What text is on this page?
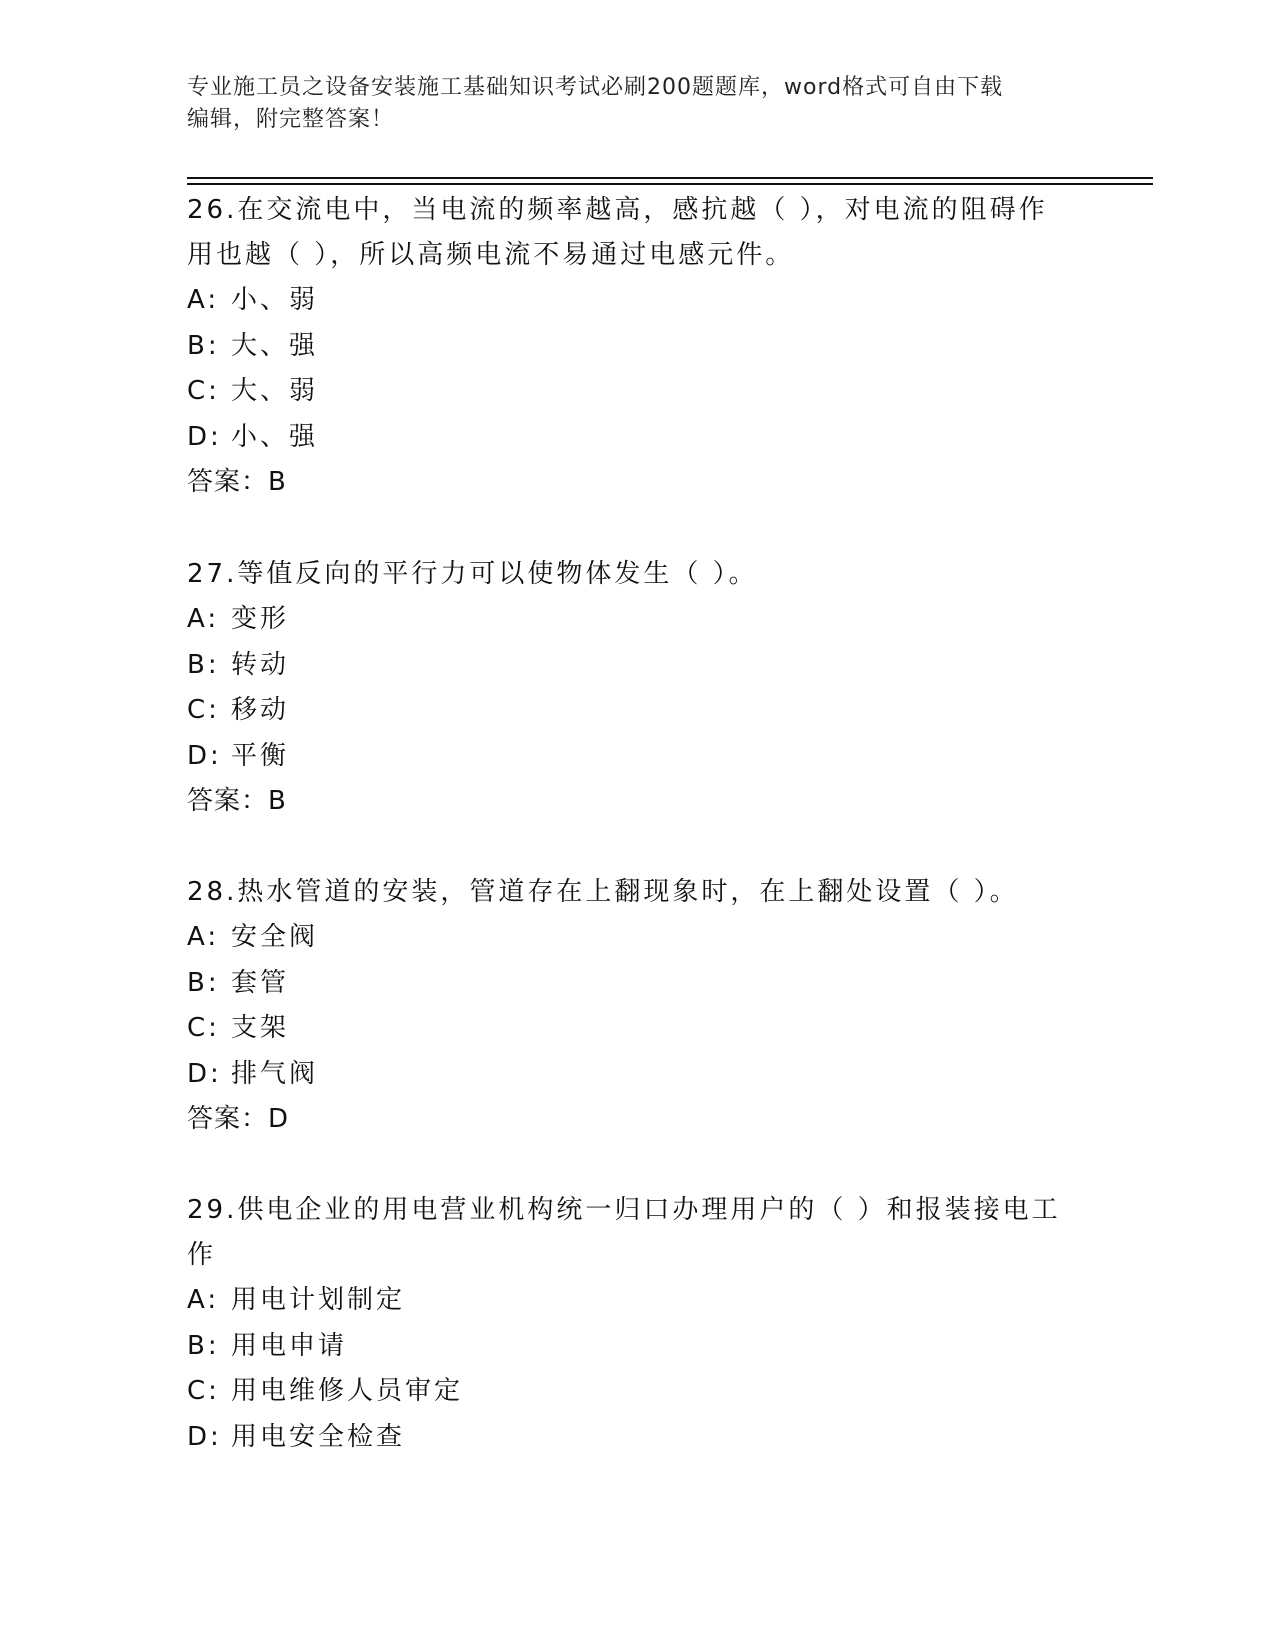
专业施工员之设备安装施工基础知识考试必刷200题题库，word格式可自由下载
编辑，附完整答案！
26.在交流电中，当电流的频率越高，感抗越（ ），对电流的阻碍作
用也越（ ），所以高频电流不易通过电感元件。
A: 小、弱
B: 大、强
C: 大、弱
D: 小、强
答案：B
27.等值反向的平行力可以使物体发生（ ）。
A: 变形
B: 转动
C: 移动
D: 平衡
答案：B
28.热水管道的安装，管道存在上翻现象时，在上翻处设置（ ）。
A: 安全阀
B: 套管
C: 支架
D: 排气阀
答案：D
29.供电企业的用电营业机构统一归口办理用户的（ ）和报装接电工
作
A: 用电计划制定
B: 用电申请
C: 用电维修人员审定
D: 用电安全检查
